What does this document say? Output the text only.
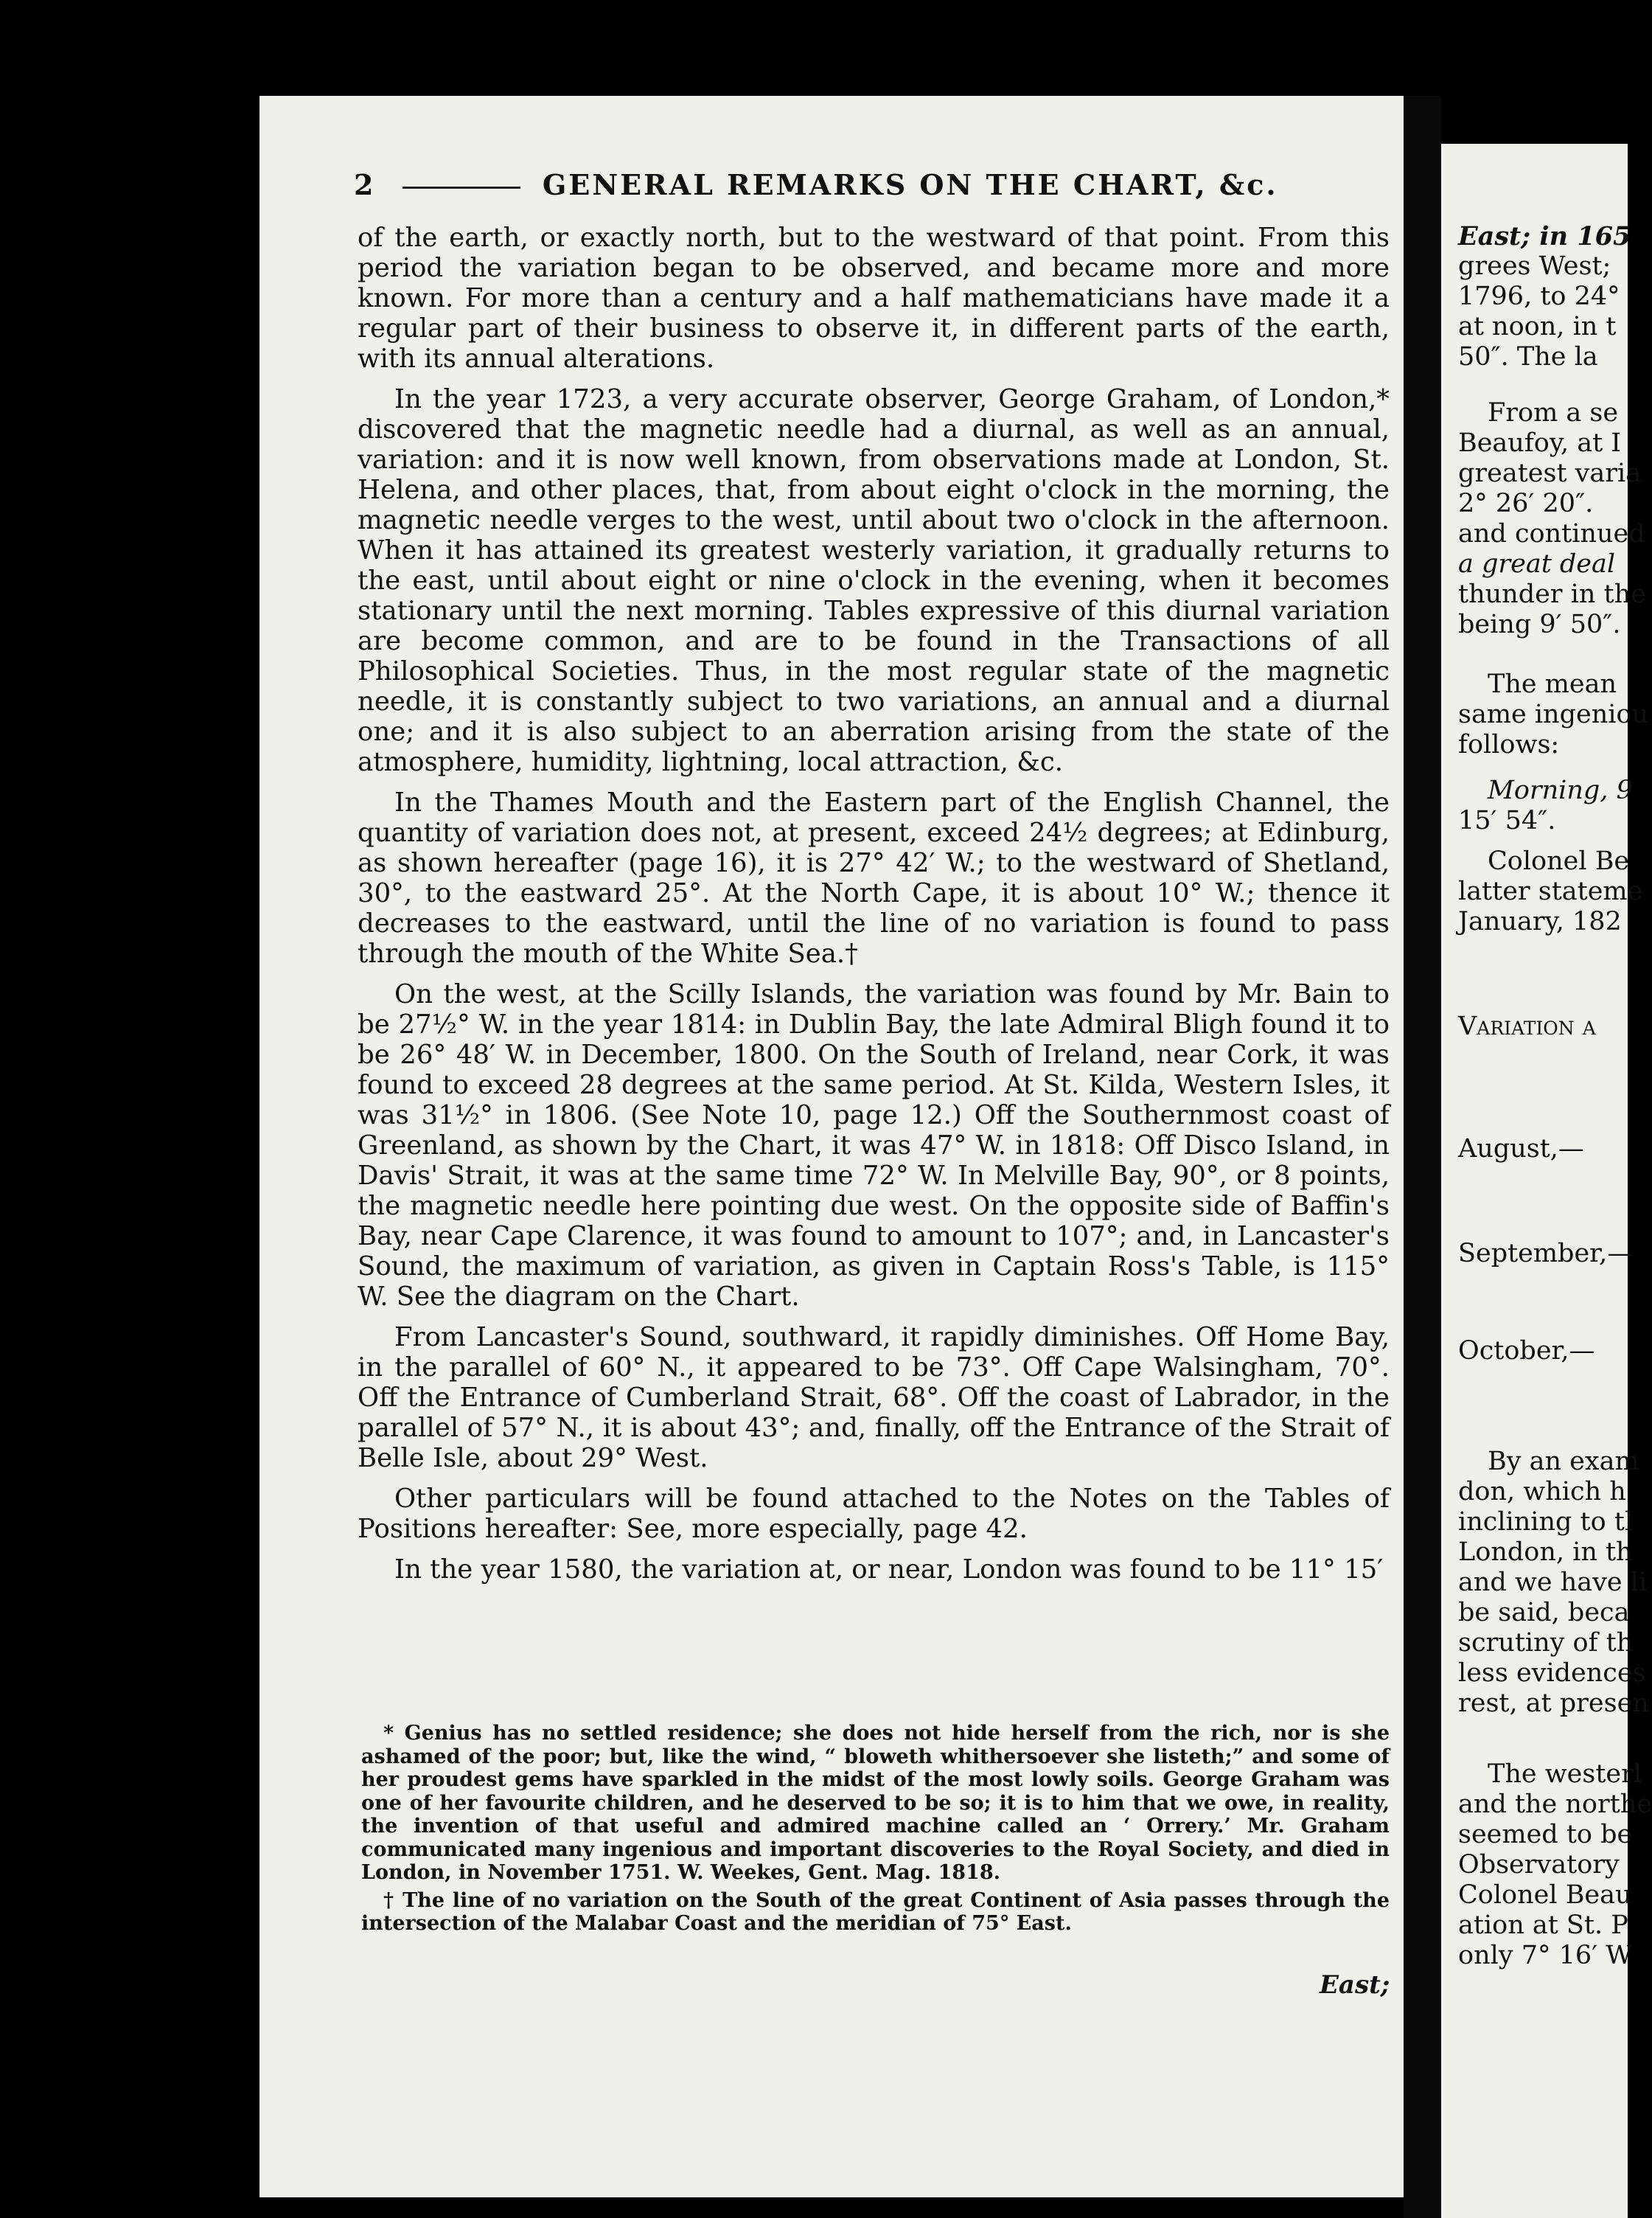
2	GENERAL REMARKS ON THE CHART, &c.

of the earth, or exactly north, but to the westward of that point. From this period the variation began to be observed, and became more and more known. For more than a century and a half mathematicians have made it a regular part of their business to observe it, in different parts of the earth, with its annual alterations.

In the year 1723, a very accurate observer, George Graham, of London,* discovered that the magnetic needle had a diurnal, as well as an annual, variation: and it is now well known, from observations made at London, St. Helena, and other places, that, from about eight o'clock in the morning, the magnetic needle verges to the west, until about two o'clock in the afternoon. When it has attained its greatest westerly variation, it gradually returns to the east, until about eight or nine o'clock in the evening, when it becomes stationary until the next morning. Tables expressive of this diurnal variation are become common, and are to be found in the Transactions of all Philosophical Societies. Thus, in the most regular state of the magnetic needle, it is constantly subject to two variations, an annual and a diurnal one; and it is also subject to an aberration arising from the state of the atmosphere, humidity, lightning, local attraction, &c.

In the Thames Mouth and the Eastern part of the English Channel, the quantity of variation does not, at present, exceed 24½ degrees; at Edinburg, as shown hereafter (page 16), it is 27° 42′ W.; to the westward of Shetland, 30°, to the eastward 25°. At the North Cape, it is about 10° W.; thence it decreases to the eastward, until the line of no variation is found to pass through the mouth of the White Sea.†

On the west, at the Scilly Islands, the variation was found by Mr. Bain to be 27½° W. in the year 1814: in Dublin Bay, the late Admiral Bligh found it to be 26° 48′ W. in December, 1800. On the South of Ireland, near Cork, it was found to exceed 28 degrees at the same period. At St. Kilda, Western Isles, it was 31½° in 1806. (See Note 10, page 12.) Off the Southernmost coast of Greenland, as shown by the Chart, it was 47° W. in 1818: Off Disco Island, in Davis' Strait, it was at the same time 72° W. In Melville Bay, 90°, or 8 points, the magnetic needle here pointing due west. On the opposite side of Baffin's Bay, near Cape Clarence, it was found to amount to 107°; and, in Lancaster's Sound, the maximum of variation, as given in Captain Ross's Table, is 115° W. See the diagram on the Chart.

From Lancaster's Sound, southward, it rapidly diminishes. Off Home Bay, in the parallel of 60° N., it appeared to be 73°. Off Cape Walsingham, 70°. Off the Entrance of Cumberland Strait, 68°. Off the coast of Labrador, in the parallel of 57° N., it is about 43°; and, finally, off the Entrance of the Strait of Belle Isle, about 29° West.

Other particulars will be found attached to the Notes on the Tables of Positions hereafter: See, more especially, page 42.

In the year 1580, the variation at, or near, London was found to be 11° 15′

* Genius has no settled residence; she does not hide herself from the rich, nor is she ashamed of the poor; but, like the wind, “ bloweth whithersoever she listeth;” and some of her proudest gems have sparkled in the midst of the most lowly soils. George Graham was one of her favourite children, and he deserved to be so; it is to him that we owe, in reality, the invention of that useful and admired machine called an ‘ Orrery.’ Mr. Graham communicated many ingenious and important discoveries to the Royal Society, and died in London, in November 1751. W. Weekes, Gent. Mag. 1818.

† The line of no variation on the South of the great Continent of Asia passes through the intersection of the Malabar Coast and the meridian of 75° East.

East;
East; in 165
grees West;
1796, to 24°
at noon, in t
50″. The la
From a se
Beaufoy, at I
greatest varia
2° 26′ 20″.
and continued
a great deal
thunder in the
being 9′ 50″.
The mean
same ingeniou
follows:
Morning, 9
15′ 54″.
Colonel Be
latter stateme
January, 182
Variation a
August,—
September,—
October,—
By an exam
don, which h
inclining to tl
London, in th
and we have li
be said, beca
scrutiny of th
less evidences
rest, at presen
The westerl
and the northe
seemed to be
Observatory
Colonel Beau
ation at St. P
only 7° 16′ W
